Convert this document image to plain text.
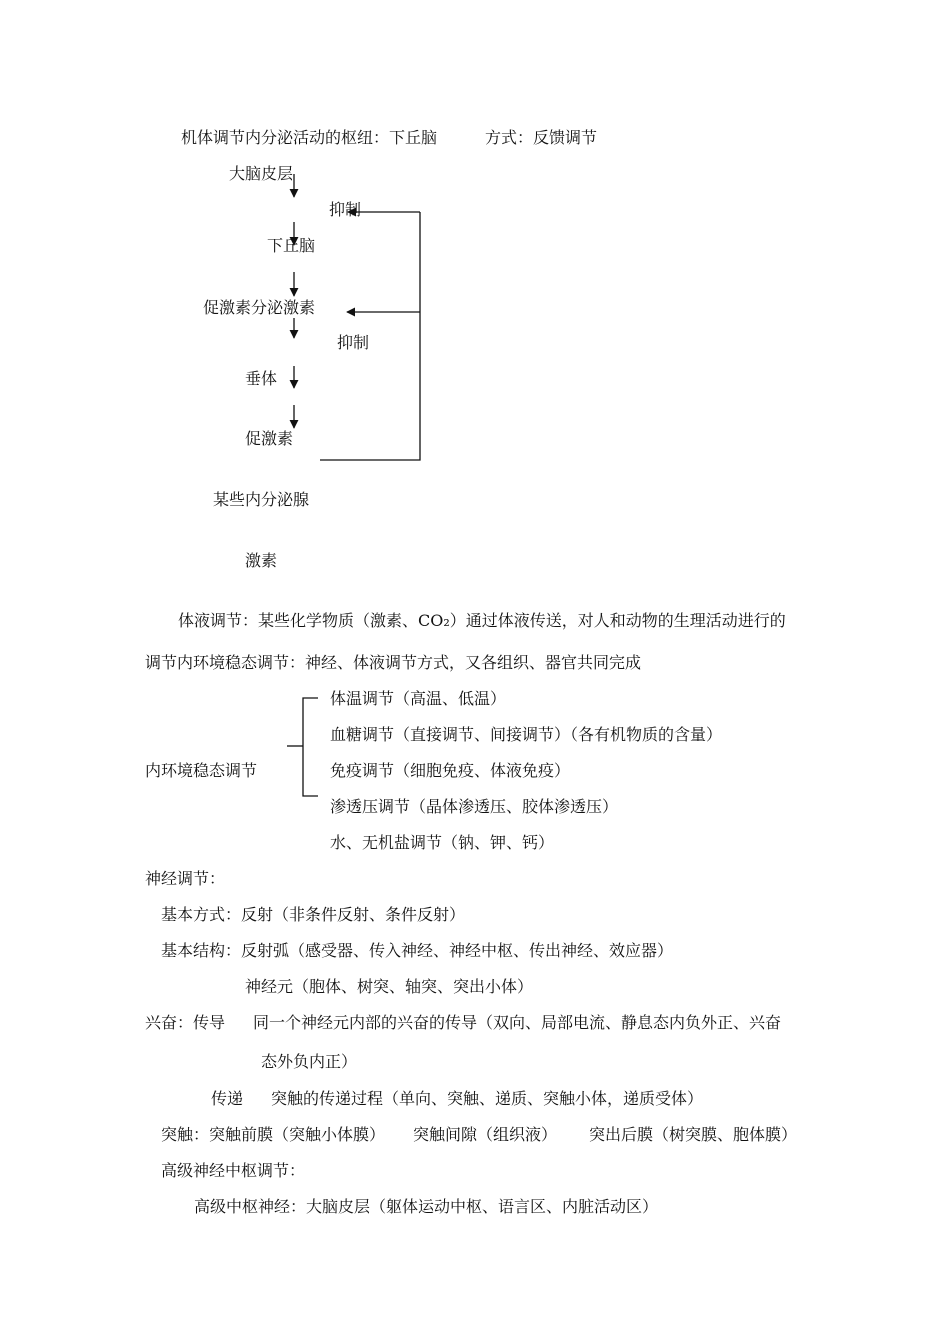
机体调节内分泌活动的枢纽：下丘脑	方式：反馈调节
大脑皮层
抑制
下丘脑
促激素分泌激素
抑制
垂体
促激素
某些内分泌腺
激素
体液调节：某些化学物质（激素、CO₂）通过体液传送，对人和动物的生理活动进行的
调节内环境稳态调节：神经、体液调节方式，又各组织、器官共同完成
内环境稳态调节
体温调节（高温、低温）
血糖调节（直接调节、间接调节）（各有机物质的含量）
免疫调节（细胞免疫、体液免疫）
渗透压调节（晶体渗透压、胶体渗透压）
水、无机盐调节（钠、钾、钙）
神经调节：
基本方式：反射（非条件反射、条件反射）
基本结构：反射弧（感受器、传入神经、神经中枢、传出神经、效应器）
神经元（胞体、树突、轴突、突出小体）
兴奋：传导 同一个神经元内部的兴奋的传导（双向、局部电流、静息态内负外正、兴奋
态外负内正）
传递 突触的传递过程（单向、突触、递质、突触小体，递质受体）
突触：突触前膜（突触小体膜） 突触间隙（组织液） 突出后膜（树突膜、胞体膜）
高级神经中枢调节：
高级中枢神经：大脑皮层（躯体运动中枢、语言区、内脏活动区）
